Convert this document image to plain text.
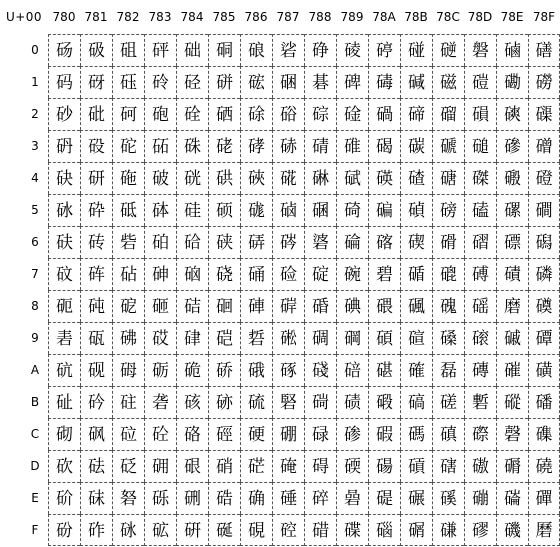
U+00 780 781 782 783 784 785 786 787 788 789 78A 78B 78C 78D 78E 78F
0
1
2
3
4
5
6
7
8
9
A
B
C
D
E
F
砀 砐 砠 砰 础 硐 硠 硰 碀 碐 碠 碰 磀 磐 磠 磰
码 砑 砡 砱 硁 硑 硡 硱 碁 碑 碡 碱 磁 磑 磡 磱
砂 砒 砢 砲 硂 硒 硢 硲 碂 碒 碢 碲 磂 磒 磢 磲
砃 砓 砣 砳 硃 硓 硣 硳 碃 碓 碣 碳 磃 磓 磣 磳
砄 研 砤 破 硄 硔 硤 硴 碄 碔 碤 碴 磄 磔 磤 磴
砅 砕 砥 砵 硅 硕 硥 硵 碅 碕 碥 碵 磅 磕 磥 磵
砆 砖 砦 砶 硆 硖 硦 硶 碆 碖 碦 碶 磆 磖 磦 磶
砇 砗 砧 砷 硇 硗 硧 硷 碇 碗 碧 碷 磇 磗 磧 磷
砈 砘 砨 砸 硈 硘 硨 硸 碈 碘 碨 碸 磈 磘 磨 磸
砉 砙 砩 砹 硉 硙 硩 硹 碉 碙 碩 碹 磉 磙 磩 磹
砊 砚 砪 砺 硊 硚 硪 硺 碊 碚 碪 確 磊 磚 磪 磺
砋 砛 砫 砻 硋 硛 硫 硻 碋 碛 碫 碻 磋 磛 磫 磻
砌 砜 砬 砼 硌 硜 硬 硼 碌 碜 碬 碼 磌 磜 磬 磼
砍 砝 砭 砽 硍 硝 硭 硽 碍 碝 碭 碽 磍 磝 磭 磽
砎 砞 砮 砾 硎 硞 确 硾 碎 碞 碮 碾 磎 磞 磮 磾
砏 砟 砯 砿 硏 硟 硯 硿 碏 碟 碯 碿 磏 磟 磯 磿
